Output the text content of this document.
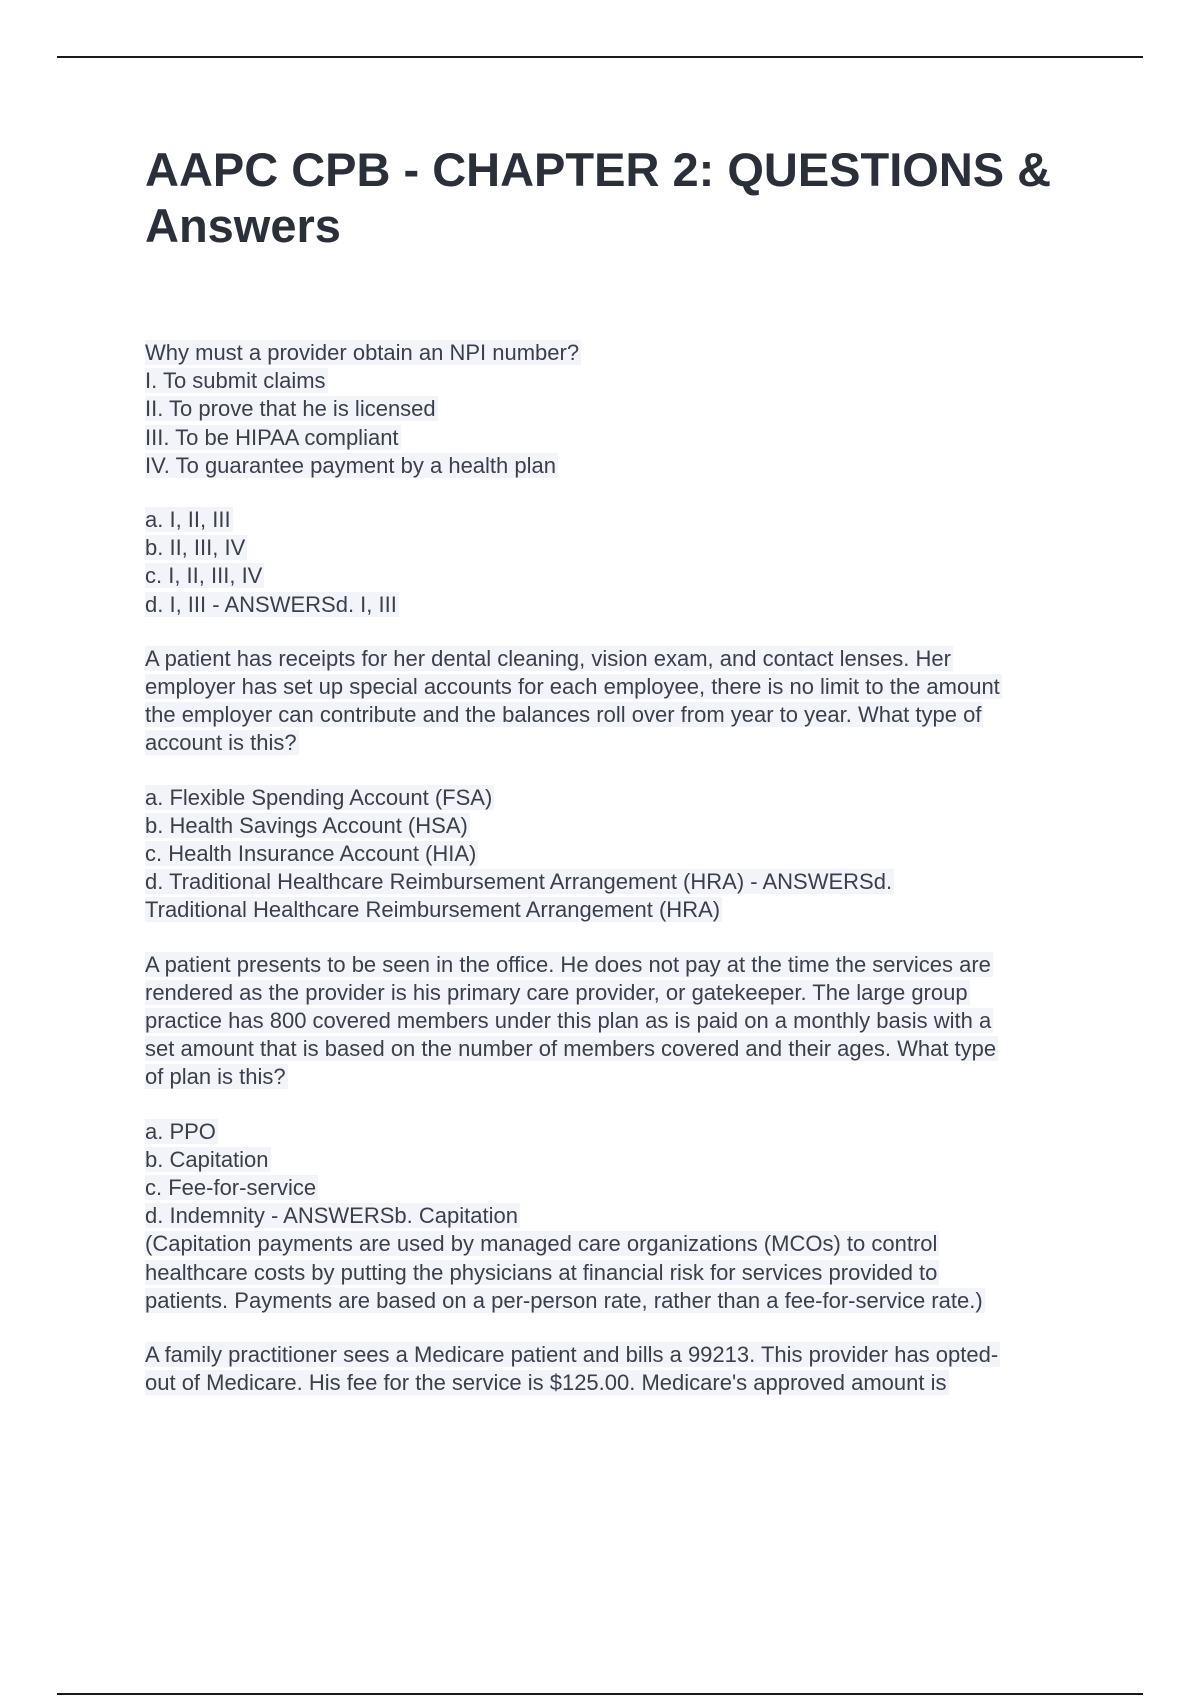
AAPC CPB - CHAPTER 2: QUESTIONS & Answers

Why must a provider obtain an NPI number?
I. To submit claims
II. To prove that he is licensed
III. To be HIPAA compliant
IV. To guarantee payment by a health plan

a. I, II, III
b. II, III, IV
c. I, II, III, IV
d. I, III - ANSWERSd. I, III

A patient has receipts for her dental cleaning, vision exam, and contact lenses. Her
employer has set up special accounts for each employee, there is no limit to the amount
the employer can contribute and the balances roll over from year to year. What type of
account is this?

a. Flexible Spending Account (FSA)
b. Health Savings Account (HSA)
c. Health Insurance Account (HIA)
d. Traditional Healthcare Reimbursement Arrangement (HRA) - ANSWERSd.
Traditional Healthcare Reimbursement Arrangement (HRA)

A patient presents to be seen in the office. He does not pay at the time the services are
rendered as the provider is his primary care provider, or gatekeeper. The large group
practice has 800 covered members under this plan as is paid on a monthly basis with a
set amount that is based on the number of members covered and their ages. What type
of plan is this?

a. PPO
b. Capitation
c. Fee-for-service
d. Indemnity - ANSWERSb. Capitation
(Capitation payments are used by managed care organizations (MCOs) to control
healthcare costs by putting the physicians at financial risk for services provided to
patients. Payments are based on a per-person rate, rather than a fee-for-service rate.)

A family practitioner sees a Medicare patient and bills a 99213. This provider has opted-
out of Medicare. His fee for the service is $125.00. Medicare's approved amount is
